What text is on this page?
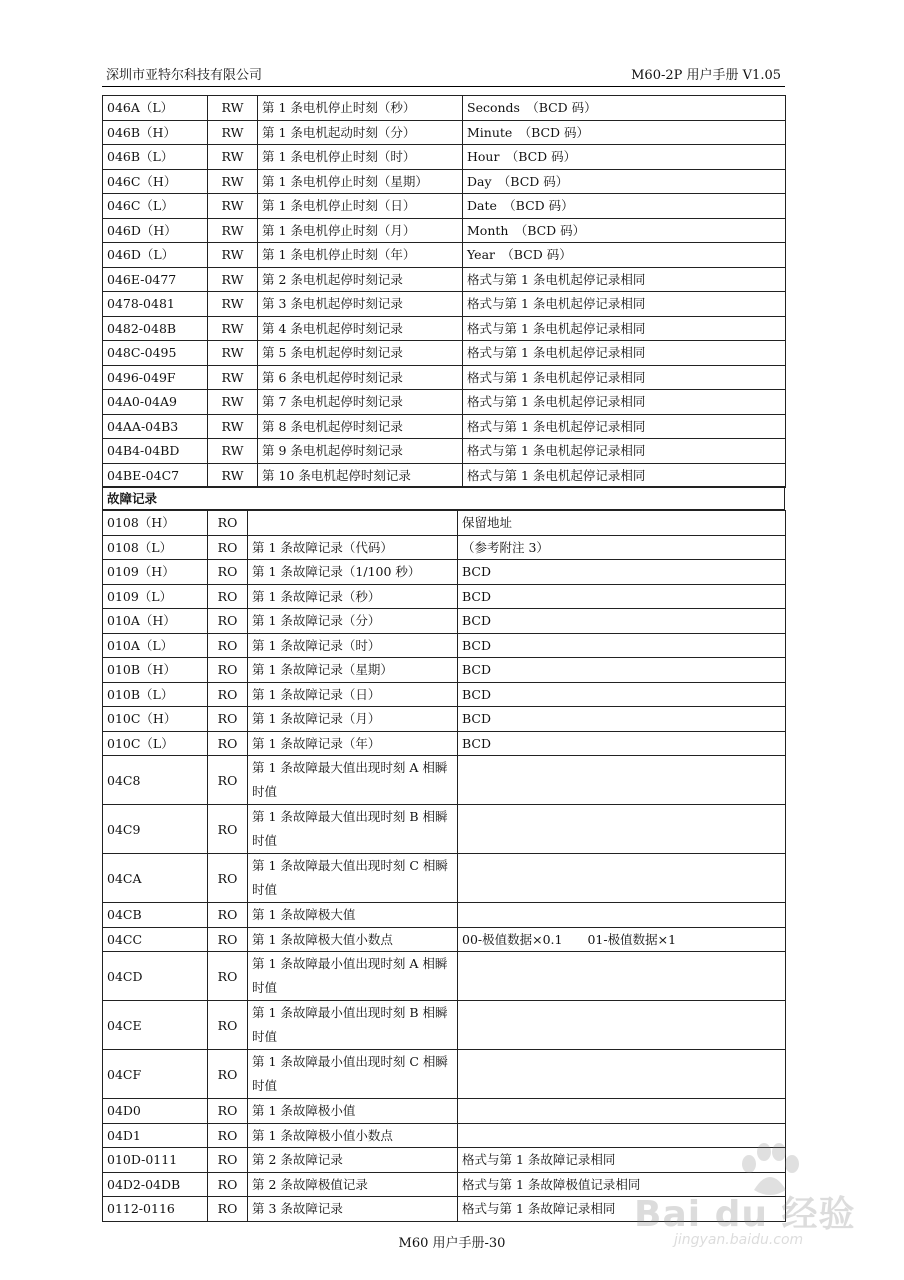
深圳市亚特尔科技有限公司	M60-2P 用户手册 V1.05
046A（L）	RW	第 1 条电机停止时刻（秒）	Seconds　（BCD 码）
046B（H）	RW	第 1 条电机起动时刻（分）	Minute　（BCD 码）
046B（L）	RW	第 1 条电机停止时刻（时）	Hour　（BCD 码）
046C（H）	RW	第 1 条电机停止时刻（星期）	Day　（BCD 码）
046C（L）	RW	第 1 条电机停止时刻（日）	Date　（BCD 码）
046D（H）	RW	第 1 条电机停止时刻（月）	Month　（BCD 码）
046D（L）	RW	第 1 条电机停止时刻（年）	Year　（BCD 码）
046E-0477	RW	第 2 条电机起停时刻记录	格式与第 1 条电机起停记录相同
0478-0481	RW	第 3 条电机起停时刻记录	格式与第 1 条电机起停记录相同
0482-048B	RW	第 4 条电机起停时刻记录	格式与第 1 条电机起停记录相同
048C-0495	RW	第 5 条电机起停时刻记录	格式与第 1 条电机起停记录相同
0496-049F	RW	第 6 条电机起停时刻记录	格式与第 1 条电机起停记录相同
04A0-04A9	RW	第 7 条电机起停时刻记录	格式与第 1 条电机起停记录相同
04AA-04B3	RW	第 8 条电机起停时刻记录	格式与第 1 条电机起停记录相同
04B4-04BD	RW	第 9 条电机起停时刻记录	格式与第 1 条电机起停记录相同
04BE-04C7	RW	第 10 条电机起停时刻记录	格式与第 1 条电机起停记录相同
故障记录
0108（H）	RO		保留地址
0108（L）	RO	第 1 条故障记录（代码）	（参考附注 3）
0109（H）	RO	第 1 条故障记录（1/100 秒）	BCD
0109（L）	RO	第 1 条故障记录（秒）	BCD
010A（H）	RO	第 1 条故障记录（分）	BCD
010A（L）	RO	第 1 条故障记录（时）	BCD
010B（H）	RO	第 1 条故障记录（星期）	BCD
010B（L）	RO	第 1 条故障记录（日）	BCD
010C（H）	RO	第 1 条故障记录（月）	BCD
010C（L）	RO	第 1 条故障记录（年）	BCD
04C8	RO	第 1 条故障最大值出现时刻 A 相瞬时值	
04C9	RO	第 1 条故障最大值出现时刻 B 相瞬时值	
04CA	RO	第 1 条故障最大值出现时刻 C 相瞬时值	
04CB	RO	第 1 条故障极大值	
04CC	RO	第 1 条故障极大值小数点	00-极值数据×0.1　　01-极值数据×1
04CD	RO	第 1 条故障最小值出现时刻 A 相瞬时值	
04CE	RO	第 1 条故障最小值出现时刻 B 相瞬时值	
04CF	RO	第 1 条故障最小值出现时刻 C 相瞬时值	
04D0	RO	第 1 条故障极小值	
04D1	RO	第 1 条故障极小值小数点	
010D-0111	RO	第 2 条故障记录	格式与第 1 条故障记录相同
04D2-04DB	RO	第 2 条故障极值记录	格式与第 1 条故障极值记录相同
0112-0116	RO	第 3 条故障记录	格式与第 1 条故障记录相同
M60 用户手册-30
Bai du 经验
jingyan.baidu.com
